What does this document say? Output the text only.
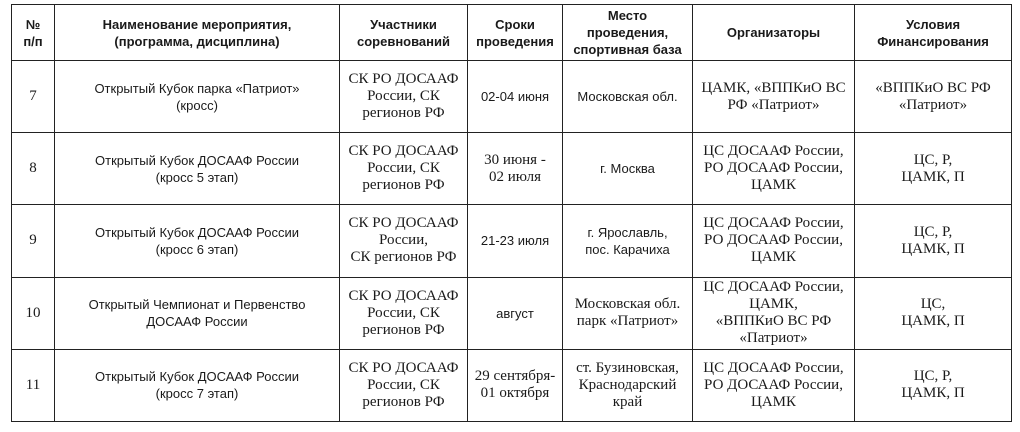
№
п/п	Наименование мероприятия,
(программа, дисциплина)	Участники
соревнований	Сроки
проведения	Место
проведения,
спортивная база	Организаторы	Условия
Финансирования

7	Открытый Кубок парка «Патриот»
(кросс)	СК РО ДОСААФ
России, СК
регионов РФ	02-04 июня	Московская обл.	ЦАМК, «ВППКиО ВС
РФ «Патриот»	«ВППКиО ВС РФ
«Патриот»

8	Открытый Кубок ДОСААФ России
(кросс 5 этап)	СК РО ДОСААФ
России, СК
регионов РФ	30 июня -
02 июля	г. Москва	ЦС ДОСААФ России,
РО ДОСААФ России,
ЦАМК	ЦС, Р,
ЦАМК, П

9	Открытый Кубок ДОСААФ России
(кросс 6 этап)	СК РО ДОСААФ
России,
СК регионов РФ	21-23 июля	г. Ярославль,
пос. Карачиха	ЦС ДОСААФ России,
РО ДОСААФ России,
ЦАМК	ЦС, Р,
ЦАМК, П

10	Открытый Чемпионат и Первенство
ДОСААФ России	СК РО ДОСААФ
России, СК
регионов РФ	август	Московская обл.
парк «Патриот»	ЦС ДОСААФ России,
ЦАМК,
«ВППКиО ВС РФ
«Патриот»	ЦС,
ЦАМК, П

11	Открытый Кубок ДОСААФ России
(кросс 7 этап)	СК РО ДОСААФ
России, СК
регионов РФ	29 сентября-
01 октября	ст. Бузиновская,
Краснодарский
край	ЦС ДОСААФ России,
РО ДОСААФ России,
ЦАМК	ЦС, Р,
ЦАМК, П
